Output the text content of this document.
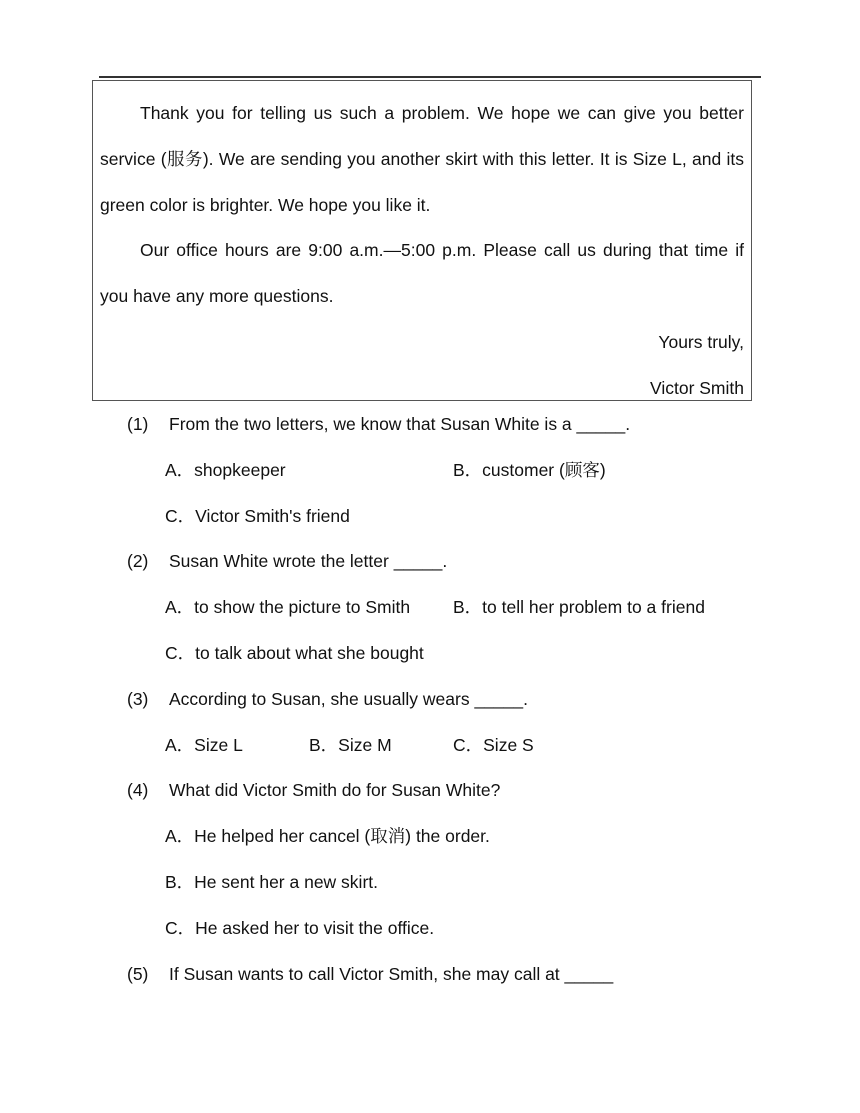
Thank you for telling us such a problem. We hope we can give you better service (服务). We are sending you another skirt with this letter. It is Size L, and its green color is brighter. We hope you like it.

Our office hours are 9:00 a.m.—5:00 p.m. Please call us during that time if you have any more questions.

Yours truly,

Victor Smith

(1) From the two letters, we know that Susan White is a _____.
A．shopkeeper	B．customer (顾客)
C．Victor Smith's friend
(2) Susan White wrote the letter _____.
A．to show the picture to Smith B．to tell her problem to a friend
C．to talk about what she bought
(3) According to Susan, she usually wears _____.
A．Size L	B．Size M	C．Size S
(4) What did Victor Smith do for Susan White?
A．He helped her cancel (取消) the order.
B．He sent her a new skirt.
C．He asked her to visit the office.
(5) If Susan wants to call Victor Smith, she may call at _____
